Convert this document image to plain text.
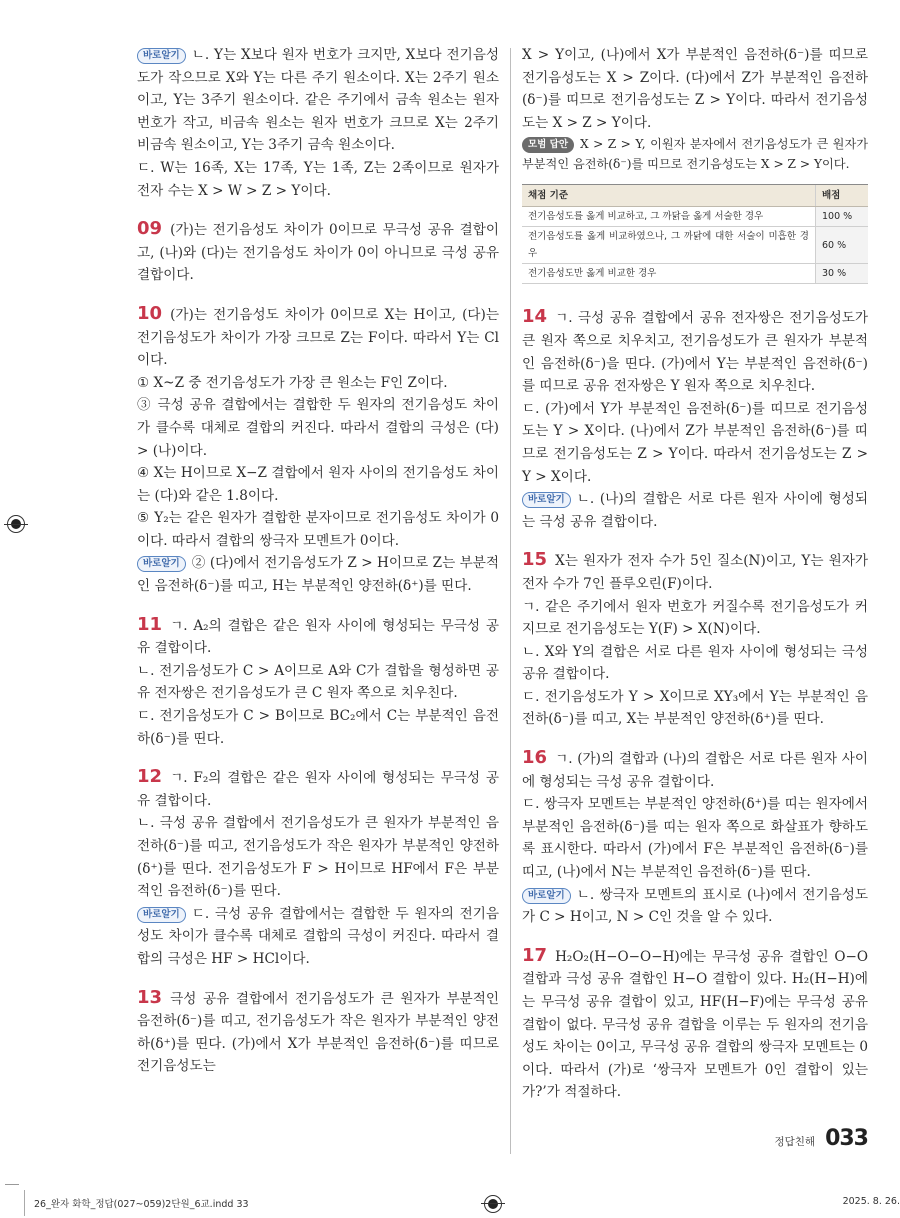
바로알기 ㄴ. Y는 X보다 원자 번호가 크지만, X보다 전기음성도가 작으므로 X와 Y는 다른 주기 원소이다. X는 2주기 원소이고, Y는 3주기 원소이다. 같은 주기에서 금속 원소는 원자 번호가 작고, 비금속 원소는 원자 번호가 크므로 X는 2주기 비금속 원소이고, Y는 3주기 금속 원소이다.

ㄷ. W는 16족, X는 17족, Y는 1족, Z는 2족이므로 원자가 전자 수는 X > W > Z > Y이다.

09 (가)는 전기음성도 차이가 0이므로 무극성 공유 결합이고, (나)와 (다)는 전기음성도 차이가 0이 아니므로 극성 공유 결합이다.

10 (가)는 전기음성도 차이가 0이므로 X는 H이고, (다)는 전기음성도가 차이가 가장 크므로 Z는 F이다. 따라서 Y는 Cl이다.

① X~Z 중 전기음성도가 가장 큰 원소는 F인 Z이다.

③ 극성 공유 결합에서는 결합한 두 원자의 전기음성도 차이가 클수록 대체로 결합의 커진다. 따라서 결합의 극성은 (다) > (나)이다.

④ X는 H이므로 X−Z 결합에서 원자 사이의 전기음성도 차이는 (다)와 같은 1.8이다.

⑤ Y₂는 같은 원자가 결합한 분자이므로 전기음성도 차이가 0이다. 따라서 결합의 쌍극자 모멘트가 0이다.

바로알기 ② (다)에서 전기음성도가 Z > H이므로 Z는 부분적인 음전하(δ⁻)를 띠고, H는 부분적인 양전하(δ⁺)를 띤다.

11 ㄱ. A₂의 결합은 같은 원자 사이에 형성되는 무극성 공유 결합이다.

ㄴ. 전기음성도가 C > A이므로 A와 C가 결합을 형성하면 공유 전자쌍은 전기음성도가 큰 C 원자 쪽으로 치우친다.

ㄷ. 전기음성도가 C > B이므로 BC₂에서 C는 부분적인 음전하(δ⁻)를 띤다.

12 ㄱ. F₂의 결합은 같은 원자 사이에 형성되는 무극성 공유 결합이다.

ㄴ. 극성 공유 결합에서 전기음성도가 큰 원자가 부분적인 음전하(δ⁻)를 띠고, 전기음성도가 작은 원자가 부분적인 양전하(δ⁺)를 띤다. 전기음성도가 F > H이므로 HF에서 F은 부분적인 음전하(δ⁻)를 띤다.

바로알기 ㄷ. 극성 공유 결합에서는 결합한 두 원자의 전기음성도 차이가 클수록 대체로 결합의 극성이 커진다. 따라서 결합의 극성은 HF > HCl이다.

13 극성 공유 결합에서 전기음성도가 큰 원자가 부분적인 음전하(δ⁻)를 띠고, 전기음성도가 작은 원자가 부분적인 양전하(δ⁺)를 띤다. (가)에서 X가 부분적인 음전하(δ⁻)를 띠므로 전기음성도는

X > Y이고, (나)에서 X가 부분적인 음전하(δ⁻)를 띠므로 전기음성도는 X > Z이다. (다)에서 Z가 부분적인 음전하(δ⁻)를 띠므로 전기음성도는 Z > Y이다. 따라서 전기음성도는 X > Z > Y이다.

모범 답안 X > Z > Y, 이원자 분자에서 전기음성도가 큰 원자가 부분적인 음전하(δ⁻)를 띠므로 전기음성도는 X > Z > Y이다.

채점 기준	배점
전기음성도를 옳게 비교하고, 그 까닭을 옳게 서술한 경우	100 %
전기음성도를 옳게 비교하였으나, 그 까닭에 대한 서술이 미흡한 경우	60 %
전기음성도만 옳게 비교한 경우	30 %

14 ㄱ. 극성 공유 결합에서 공유 전자쌍은 전기음성도가 큰 원자 쪽으로 치우치고, 전기음성도가 큰 원자가 부분적인 음전하(δ⁻)을 띤다. (가)에서 Y는 부분적인 음전하(δ⁻)를 띠므로 공유 전자쌍은 Y 원자 쪽으로 치우친다.

ㄷ. (가)에서 Y가 부분적인 음전하(δ⁻)를 띠므로 전기음성도는 Y > X이다. (나)에서 Z가 부분적인 음전하(δ⁻)를 띠므로 전기음성도는 Z > Y이다. 따라서 전기음성도는 Z > Y > X이다.

바로알기 ㄴ. (나)의 결합은 서로 다른 원자 사이에 형성되는 극성 공유 결합이다.

15 X는 원자가 전자 수가 5인 질소(N)이고, Y는 원자가 전자 수가 7인 플루오린(F)이다.

ㄱ. 같은 주기에서 원자 번호가 커질수록 전기음성도가 커지므로 전기음성도는 Y(F) > X(N)이다.

ㄴ. X와 Y의 결합은 서로 다른 원자 사이에 형성되는 극성 공유 결합이다.

ㄷ. 전기음성도가 Y > X이므로 XY₃에서 Y는 부분적인 음전하(δ⁻)를 띠고, X는 부분적인 양전하(δ⁺)를 띤다.

16 ㄱ. (가)의 결합과 (나)의 결합은 서로 다른 원자 사이에 형성되는 극성 공유 결합이다.

ㄷ. 쌍극자 모멘트는 부분적인 양전하(δ⁺)를 띠는 원자에서 부분적인 음전하(δ⁻)를 띠는 원자 쪽으로 화살표가 향하도록 표시한다. 따라서 (가)에서 F은 부분적인 음전하(δ⁻)를 띠고, (나)에서 N는 부분적인 음전하(δ⁻)를 띤다.

바로알기 ㄴ. 쌍극자 모멘트의 표시로 (나)에서 전기음성도가 C > H이고, N > C인 것을 알 수 있다.

17 H₂O₂(H−O−O−H)에는 무극성 공유 결합인 O−O 결합과 극성 공유 결합인 H−O 결합이 있다. H₂(H−H)에는 무극성 공유 결합이 있고, HF(H−F)에는 무극성 공유 결합이 없다. 무극성 공유 결합을 이루는 두 원자의 전기음성도 차이는 0이고, 무극성 공유 결합의 쌍극자 모멘트는 0이다. 따라서 (가)로 ‘쌍극자 모멘트가 0인 결합이 있는가?’가 적절하다.

정답친해 033
26_완자 화학_정답(027~059)2단원_6교.indd 33	2025. 8. 26.
